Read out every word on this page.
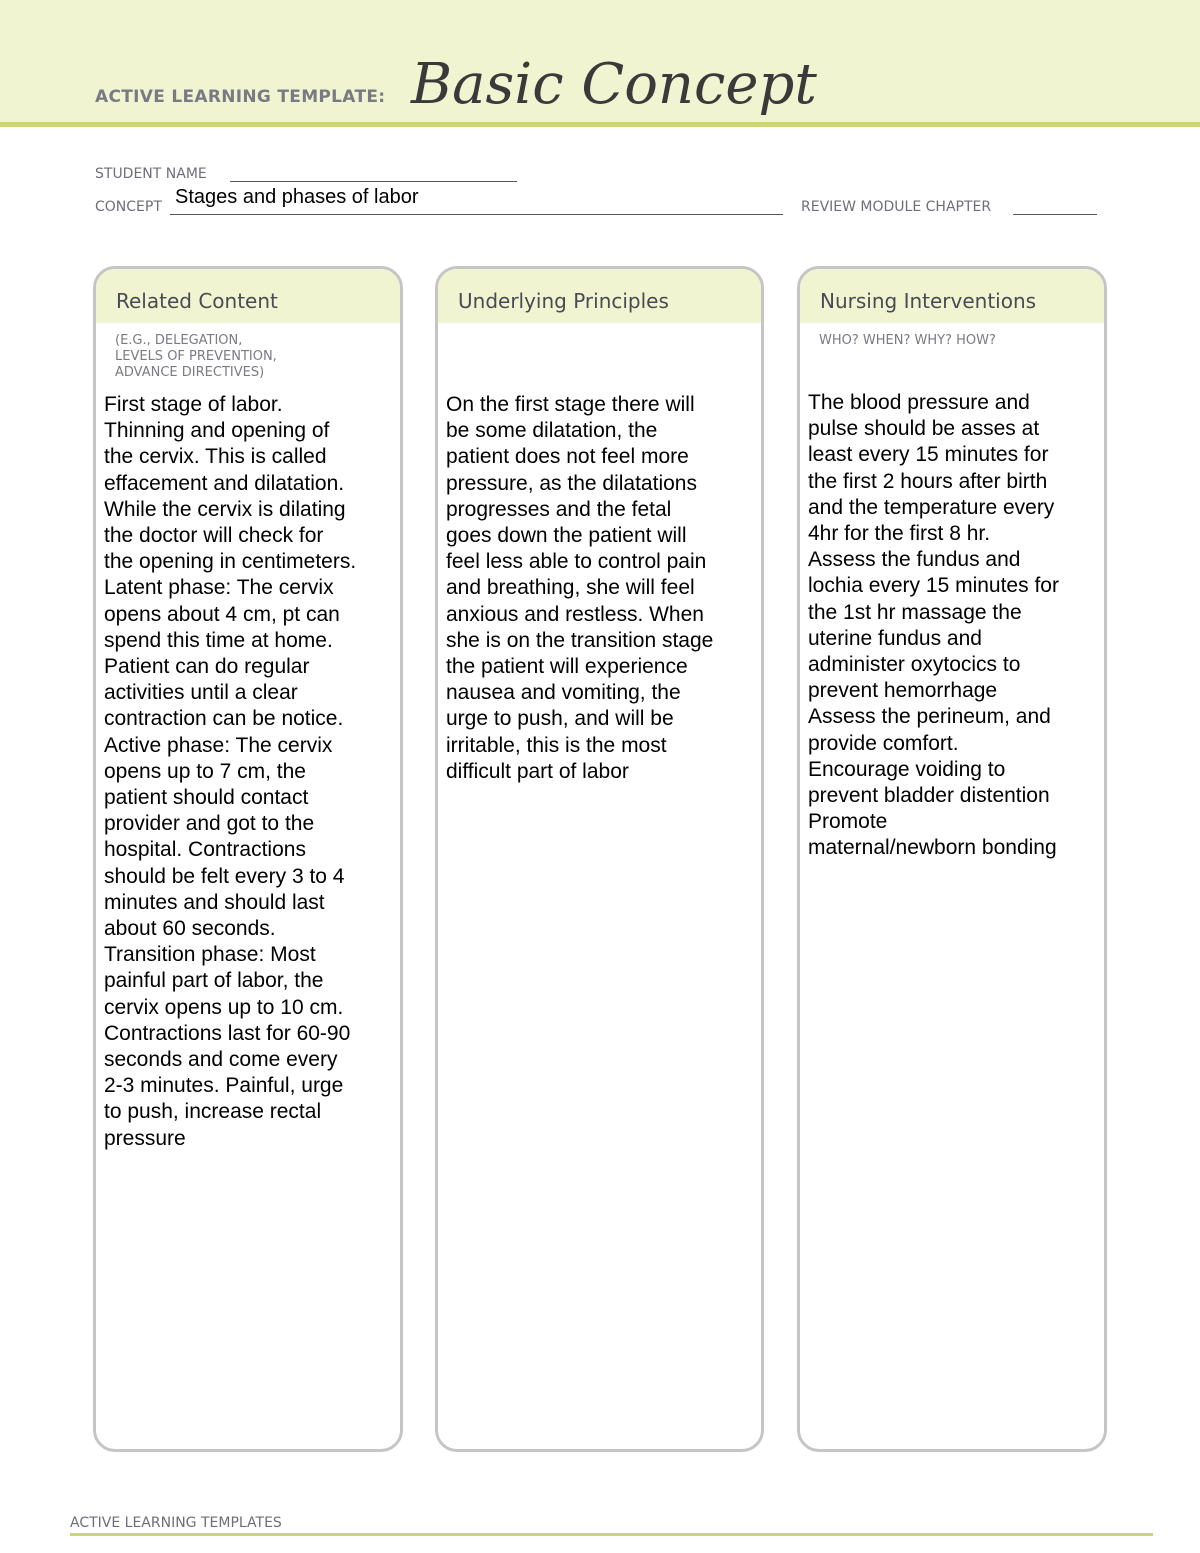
ACTIVE LEARNING TEMPLATE: Basic Concept
STUDENT NAME
CONCEPT Stages and phases of labor	REVIEW MODULE CHAPTER
Related Content
(E.G., DELEGATION,
LEVELS OF PREVENTION,
ADVANCE DIRECTIVES)
First stage of labor.
Thinning and opening of
the cervix. This is called
effacement and dilatation.
While the cervix is dilating
the doctor will check for
the opening in centimeters.
Latent phase: The cervix
opens about 4 cm, pt can
spend this time at home.
Patient can do regular
activities until a clear
contraction can be notice.
Active phase: The cervix
opens up to 7 cm, the
patient should contact
provider and got to the
hospital. Contractions
should be felt every 3 to 4
minutes and should last
about 60 seconds.
Transition phase: Most
painful part of labor, the
cervix opens up to 10 cm.
Contractions last for 60-90
seconds and come every
2-3 minutes. Painful, urge
to push, increase rectal
pressure
Underlying Principles
On the first stage there will
be some dilatation, the
patient does not feel more
pressure, as the dilatations
progresses and the fetal
goes down the patient will
feel less able to control pain
and breathing, she will feel
anxious and restless. When
she is on the transition stage
the patient will experience
nausea and vomiting, the
urge to push, and will be
irritable, this is the most
difficult part of labor
Nursing Interventions
WHO? WHEN? WHY? HOW?
The blood pressure and
pulse should be asses at
least every 15 minutes for
the first 2 hours after birth
and the temperature every
4hr for the first 8 hr.
Assess the fundus and
lochia every 15 minutes for
the 1st hr massage the
uterine fundus and
administer oxytocics to
prevent hemorrhage
Assess the perineum, and
provide comfort.
Encourage voiding to
prevent bladder distention
Promote
maternal/newborn bonding
ACTIVE LEARNING TEMPLATES
